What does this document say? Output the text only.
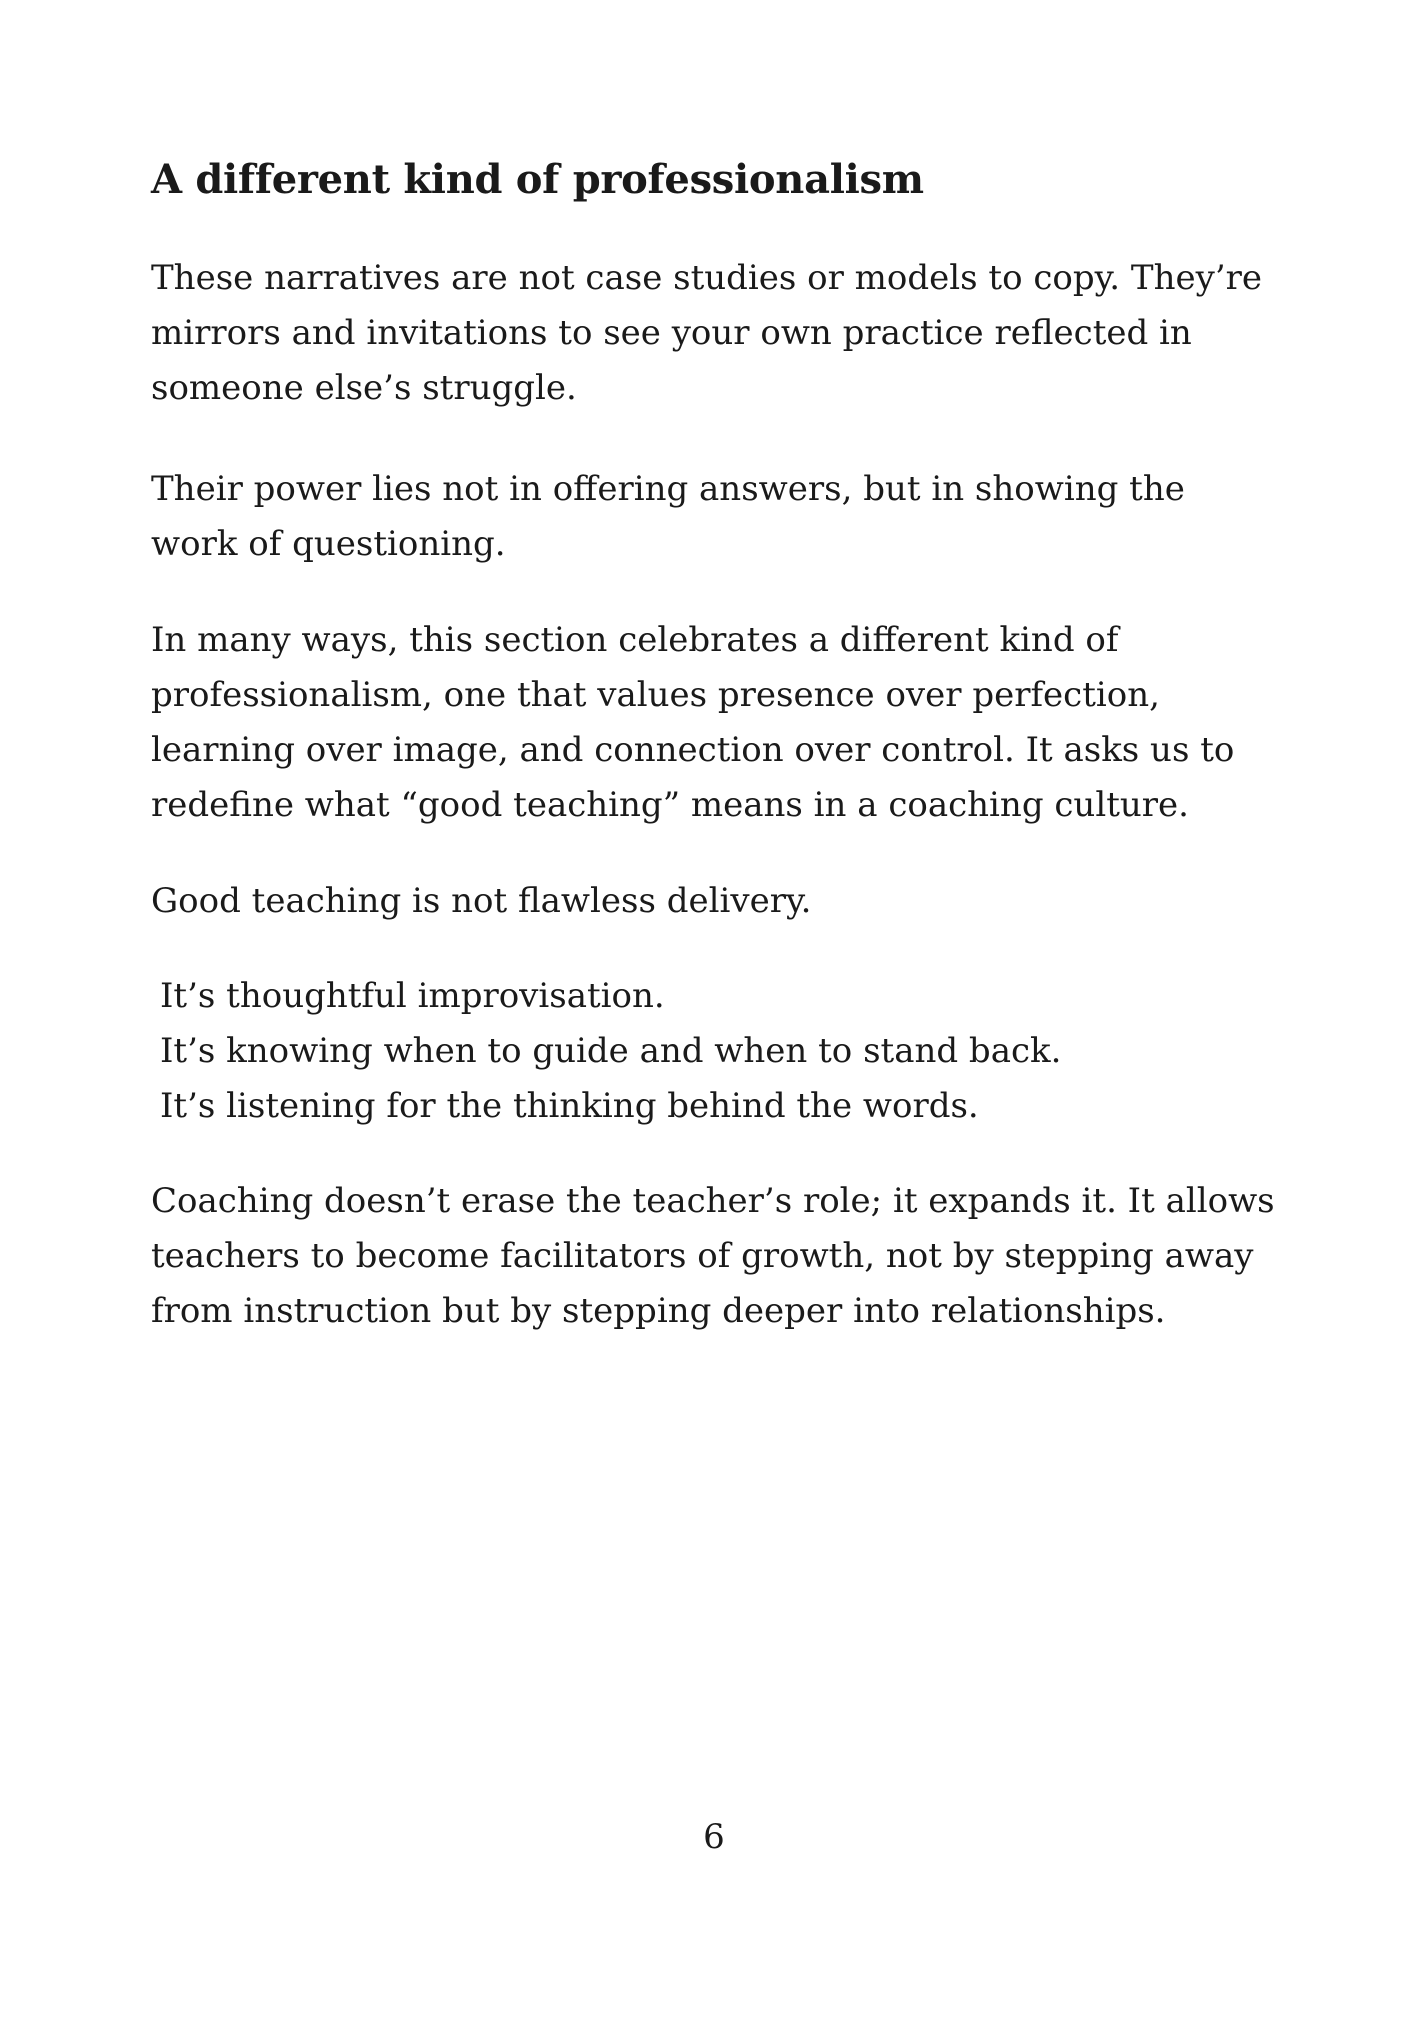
A different kind of professionalism

These narratives are not case studies or models to copy. They’re
mirrors and invitations to see your own practice reflected in
someone else’s struggle.

Their power lies not in offering answers, but in showing the
work of questioning.

In many ways, this section celebrates a different kind of
professionalism, one that values presence over perfection,
learning over image, and connection over control. It asks us to
redefine what “good teaching” means in a coaching culture.

Good teaching is not flawless delivery.

It’s thoughtful improvisation.
It’s knowing when to guide and when to stand back.
It’s listening for the thinking behind the words.

Coaching doesn’t erase the teacher’s role; it expands it. It allows
teachers to become facilitators of growth, not by stepping away
from instruction but by stepping deeper into relationships.

6
